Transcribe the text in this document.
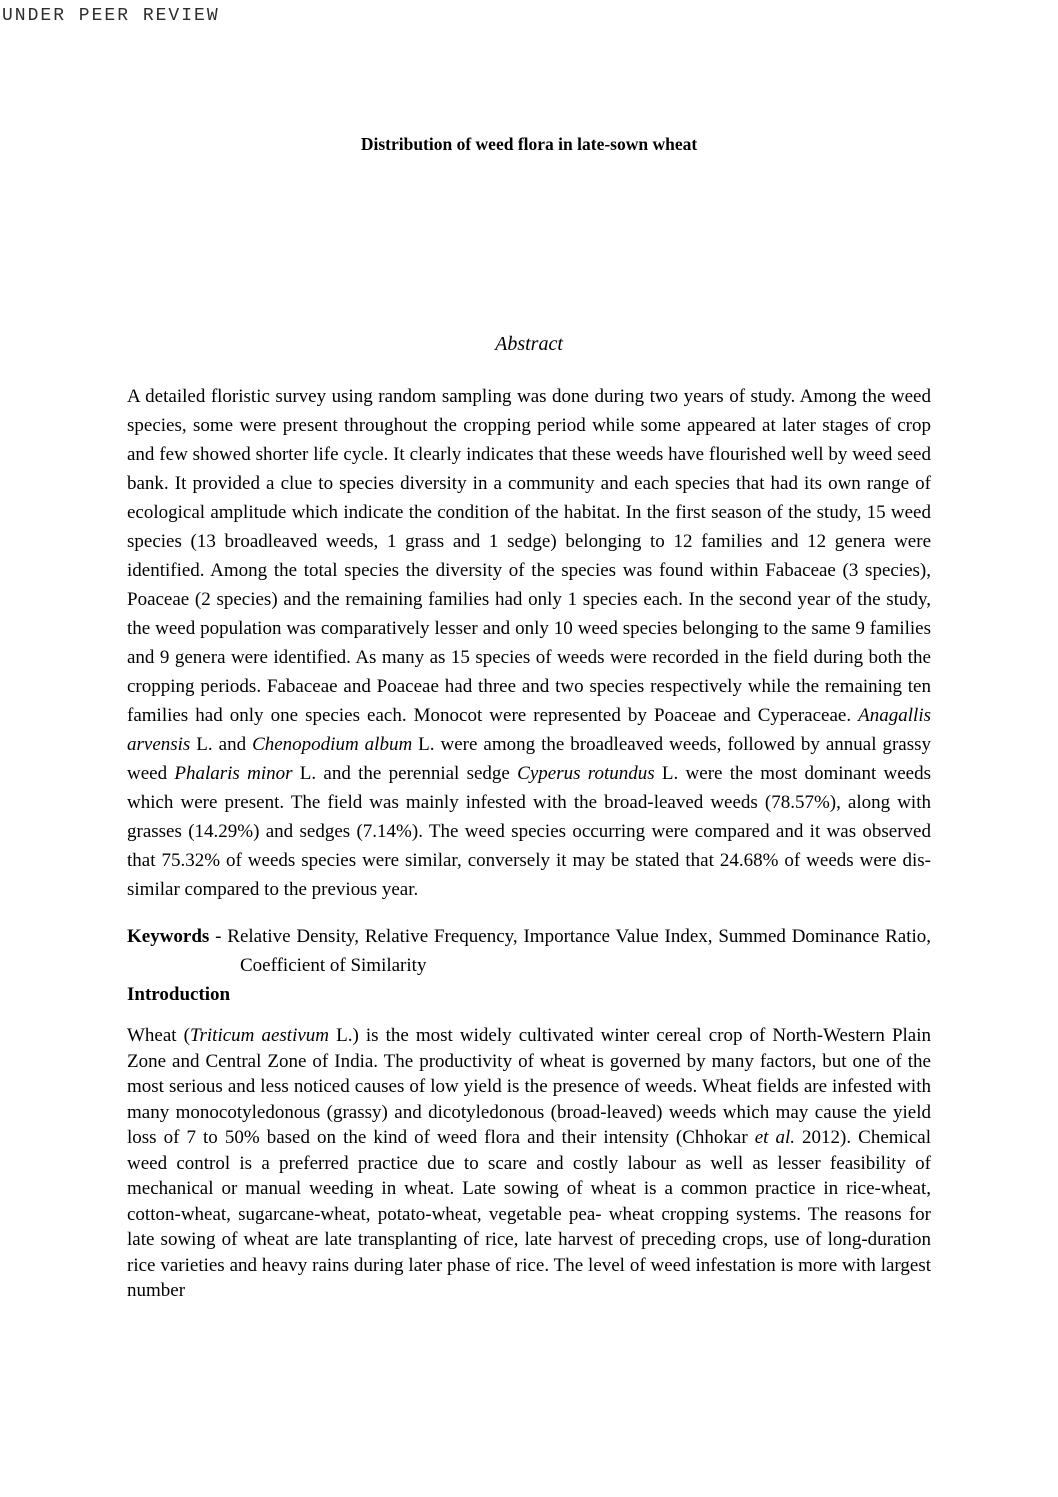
UNDER PEER REVIEW
Distribution of weed flora in late-sown wheat
Abstract

A detailed floristic survey using random sampling was done during two years of study. Among the weed species, some were present throughout the cropping period while some appeared at later stages of crop and few showed shorter life cycle. It clearly indicates that these weeds have flourished well by weed seed bank. It provided a clue to species diversity in a community and each species that had its own range of ecological amplitude which indicate the condition of the habitat. In the first season of the study, 15 weed species (13 broadleaved weeds, 1 grass and 1 sedge) belonging to 12 families and 12 genera were identified. Among the total species the diversity of the species was found within Fabaceae (3 species), Poaceae (2 species) and the remaining families had only 1 species each. In the second year of the study, the weed population was comparatively lesser and only 10 weed species belonging to the same 9 families and 9 genera were identified. As many as 15 species of weeds were recorded in the field during both the cropping periods. Fabaceae and Poaceae had three and two species respectively while the remaining ten families had only one species each. Monocot were represented by Poaceae and Cyperaceae. Anagallis arvensis L. and Chenopodium album L. were among the broadleaved weeds, followed by annual grassy weed Phalaris minor L. and the perennial sedge Cyperus rotundus L. were the most dominant weeds which were present. The field was mainly infested with the broad-leaved weeds (78.57%), along with grasses (14.29%) and sedges (7.14%). The weed species occurring were compared and it was observed that 75.32% of weeds species were similar, conversely it may be stated that 24.68% of weeds were dis-similar compared to the previous year.

Keywords - Relative Density, Relative Frequency, Importance Value Index, Summed Dominance Ratio, Coefficient of Similarity

Introduction

Wheat (Triticum aestivum L.) is the most widely cultivated winter cereal crop of North-Western Plain Zone and Central Zone of India. The productivity of wheat is governed by many factors, but one of the most serious and less noticed causes of low yield is the presence of weeds. Wheat fields are infested with many monocotyledonous (grassy) and dicotyledonous (broad-leaved) weeds which may cause the yield loss of 7 to 50% based on the kind of weed flora and their intensity (Chhokar et al. 2012). Chemical weed control is a preferred practice due to scare and costly labour as well as lesser feasibility of mechanical or manual weeding in wheat. Late sowing of wheat is a common practice in rice-wheat, cotton-wheat, sugarcane-wheat, potato-wheat, vegetable pea- wheat cropping systems. The reasons for late sowing of wheat are late transplanting of rice, late harvest of preceding crops, use of long-duration rice varieties and heavy rains during later phase of rice. The level of weed infestation is more with largest number
